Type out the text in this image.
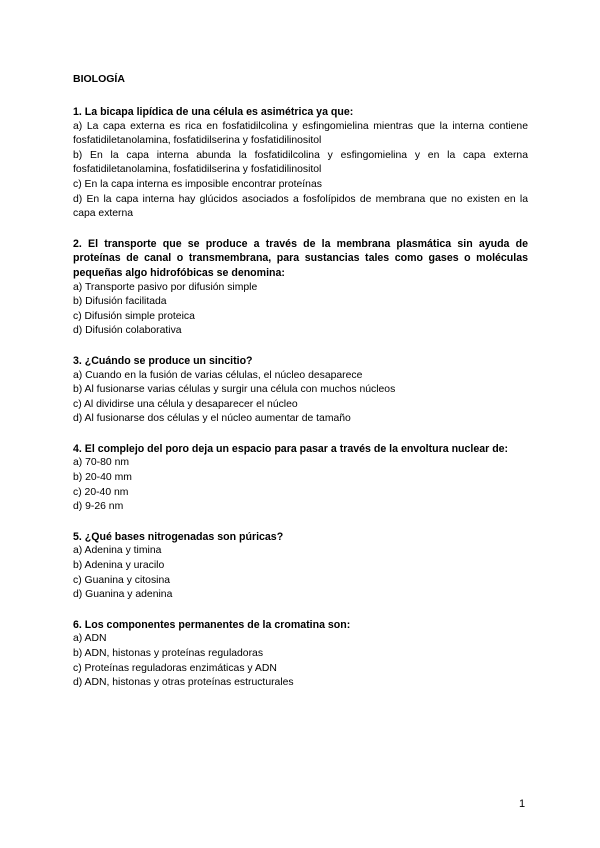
BIOLOGÍA

1. La bicapa lipídica de una célula es asimétrica ya que:

a) La capa externa es rica en fosfatidilcolina y esfingomielina mientras que la interna contiene fosfatidiletanolamina, fosfatidilserina y fosfatidilinositol

b) En la capa interna abunda la fosfatidilcolina y esfingomielina y en la capa externa fosfatidiletanolamina, fosfatidilserina y fosfatidilinositol

c) En la capa interna es imposible encontrar proteínas

d) En la capa interna hay glúcidos asociados a fosfolípidos de membrana que no existen en la capa externa

2. El transporte que se produce a través de la membrana plasmática sin ayuda de proteínas de canal o transmembrana, para sustancias tales como gases o moléculas pequeñas algo hidrofóbicas se denomina:

a) Transporte pasivo por difusión simple

b) Difusión facilitada

c) Difusión simple proteica

d) Difusión colaborativa

3. ¿Cuándo se produce un sincitio?

a) Cuando en la fusión de varias células, el núcleo desaparece

b) Al fusionarse varias células y surgir una célula con muchos núcleos

c) Al dividirse una célula y desaparecer el núcleo

d) Al fusionarse dos células y el núcleo aumentar de tamaño

4. El complejo del poro deja un espacio para pasar a través de la envoltura nuclear de:

a) 70-80 nm

b) 20-40 mm

c) 20-40 nm

d) 9-26 nm

5. ¿Qué bases nitrogenadas son púricas?

a) Adenina y timina

b) Adenina y uracilo

c) Guanina y citosina

d) Guanina y adenina

6. Los componentes permanentes de la cromatina son:

a) ADN

b) ADN, histonas y proteínas reguladoras

c) Proteínas reguladoras enzimáticas y ADN

d) ADN, histonas y otras proteínas estructurales

1
